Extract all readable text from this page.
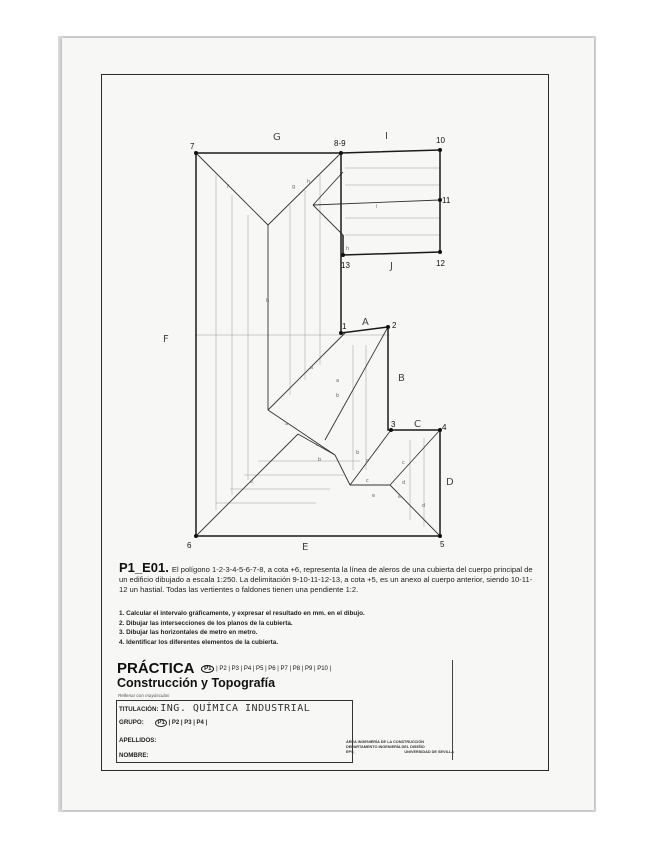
1	2
3	4
5
6
7	8-9	10
11
12
13
G	I
J
A
B
C
D
E
F
f	g
h
h
i
h
a
a
b
a
b
b
c	c
c	d
d
b
e
e
e
P1_E01. El polígono 1-2-3-4-5-6-7-8, a cota +6, representa la línea de aleros de una cubierta del cuerpo principal de un edificio dibujado a escala 1:250. La delimitación 9-10-11-12-13, a cota +5, es un anexo al cuerpo anterior, siendo 10-11-12 un hastial. Todas las vertientes o faldones tienen una pendiente 1:2.
1. Calcular el intervalo gráficamente, y expresar el resultado en mm. en el dibujo.
2. Dibujar las intersecciones de los planos de la cubierta.
3. Dibujar las horizontales de metro en metro.
4. Identificar los diferentes elementos de la cubierta.
PRÁCTICA P1 | P2 | P3 | P4 | P5 | P6 | P7 | P8 | P9 | P10 |
Construcción y Topografía
Rellenar con mayúsculas
TITULACIÓN: ING. QUÍMICA INDUSTRIAL
GRUPO: P1 | P2 | P3 | P4 |
APELLIDOS:
NOMBRE:
ÁREA INGENIERÍA DE LA CONSTRUCCIÓN
DEPARTAMENTO INGENIERÍA DEL DISEÑO
EPS_	UNIVERSIDAD DE SEVILLA
